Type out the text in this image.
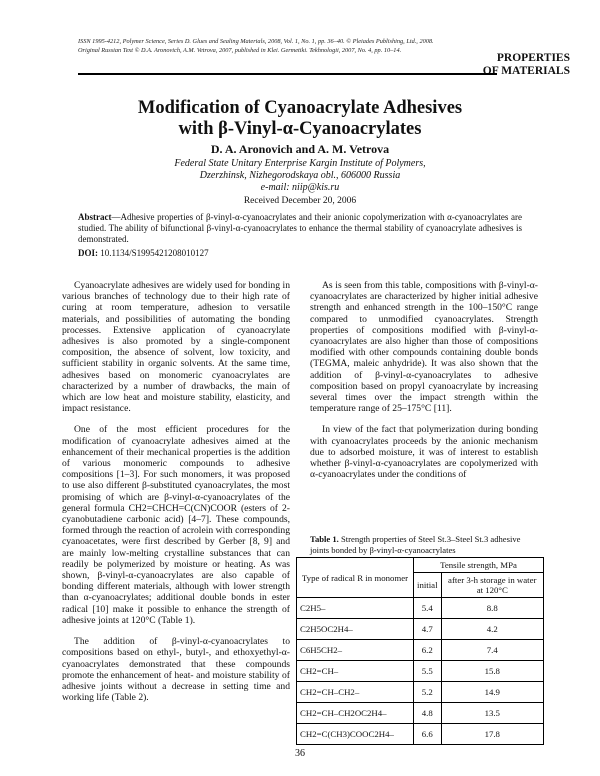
ISSN 1995-4212, Polymer Science, Series D. Glues and Sealing Materials, 2008, Vol. 1, No. 1, pp. 36–40. © Pleiades Publishing, Ltd., 2008.
Original Russian Text © D.A. Aronovich, A.M. Vetrova, 2007, published in Klei. Germetiki. Tekhnologii, 2007, No. 4, pp. 10–14.
PROPERTIES
OF MATERIALS
Modification of Cyanoacrylate Adhesives
with β-Vinyl-α-Cyanoacrylates
D. A. Aronovich and A. M. Vetrova
Federal State Unitary Enterprise Kargin Institute of Polymers,
Dzerzhinsk, Nizhegorodskaya obl., 606000 Russia
e-mail: niip@kis.ru
Received December 20, 2006
Abstract—Adhesive properties of β-vinyl-α-cyanoacrylates and their anionic copolymerization with α-cyanoacrylates are studied. The ability of bifunctional β-vinyl-α-cyanoacrylates to enhance the thermal stability of cyanoacrylate adhesives is demonstrated.
DOI: 10.1134/S1995421208010127

Cyanoacrylate adhesives are widely used for bonding in various branches of technology due to their high rate of curing at room temperature, adhesion to versatile materials, and possibilities of automating the bonding processes. Extensive application of cyanoacrylate adhesives is also promoted by a single-component composition, the absence of solvent, low toxicity, and sufficient stability in organic solvents. At the same time, adhesives based on monomeric cyanoacrylates are characterized by a number of drawbacks, the main of which are low heat and moisture stability, elasticity, and impact resistance.

One of the most efficient procedures for the modification of cyanoacrylate adhesives aimed at the enhancement of their mechanical properties is the addition of various monomeric compounds to adhesive compositions [1–3]. For such monomers, it was proposed to use also different β-substituted cyanoacrylates, the most promising of which are β-vinyl-α-cyanoacrylates of the general formula CH2=CHCH=C(CN)COOR (esters of 2-cyanobutadiene carbonic acid) [4–7]. These compounds, formed through the reaction of acrolein with corresponding cyanoacetates, were first described by Gerber [8, 9] and are mainly low-melting crystalline substances that can readily be polymerized by moisture or heating. As was shown, β-vinyl-α-cyanoacrylates are also capable of bonding different materials, although with lower strength than α-cyanoacrylates; additional double bonds in ester radical [10] make it possible to enhance the strength of adhesive joints at 120°C (Table 1).

The addition of β-vinyl-α-cyanoacrylates to compositions based on ethyl-, butyl-, and ethoxyethyl-α-cyanoacrylates demonstrated that these compounds promote the enhancement of heat- and moisture stability of adhesive joints without a decrease in setting time and working life (Table 2).

As is seen from this table, compositions with β-vinyl-α-cyanoacrylates are characterized by higher initial adhesive strength and enhanced strength in the 100–150°C range compared to unmodified cyanoacrylates. Strength properties of compositions modified with β-vinyl-α-cyanoacrylates are also higher than those of compositions modified with other compounds containing double bonds (TEGMA, maleic anhydride). It was also shown that the addition of β-vinyl-α-cyanoacrylates to adhesive composition based on propyl cyanoacrylate by increasing several times over the impact strength within the temperature range of 25–175°C [11].

In view of the fact that polymerization during bonding with cyanoacrylates proceeds by the anionic mechanism due to adsorbed moisture, it was of interest to establish whether β-vinyl-α-cyanoacrylates are copolymerized with α-cyanoacrylates under the conditions of

Table 1. Strength properties of Steel St.3–Steel St.3 adhesive joints bonded by β-vinyl-α-cyanoacrylates
Type of radical R in monomer	Tensile strength, MPa	
	initial	after 3-h storage in water at 120°C
C2H5–	5.4	8.8
C2H5OC2H4–	4.7	4.2
C6H5CH2–	6.2	7.4
CH2=CH–	5.5	15.8
CH2=CH–CH2–	5.2	14.9
CH2=CH–CH2OC2H4–	4.8	13.5
CH2=C(CH3)COOC2H4–	6.6	17.8
36
